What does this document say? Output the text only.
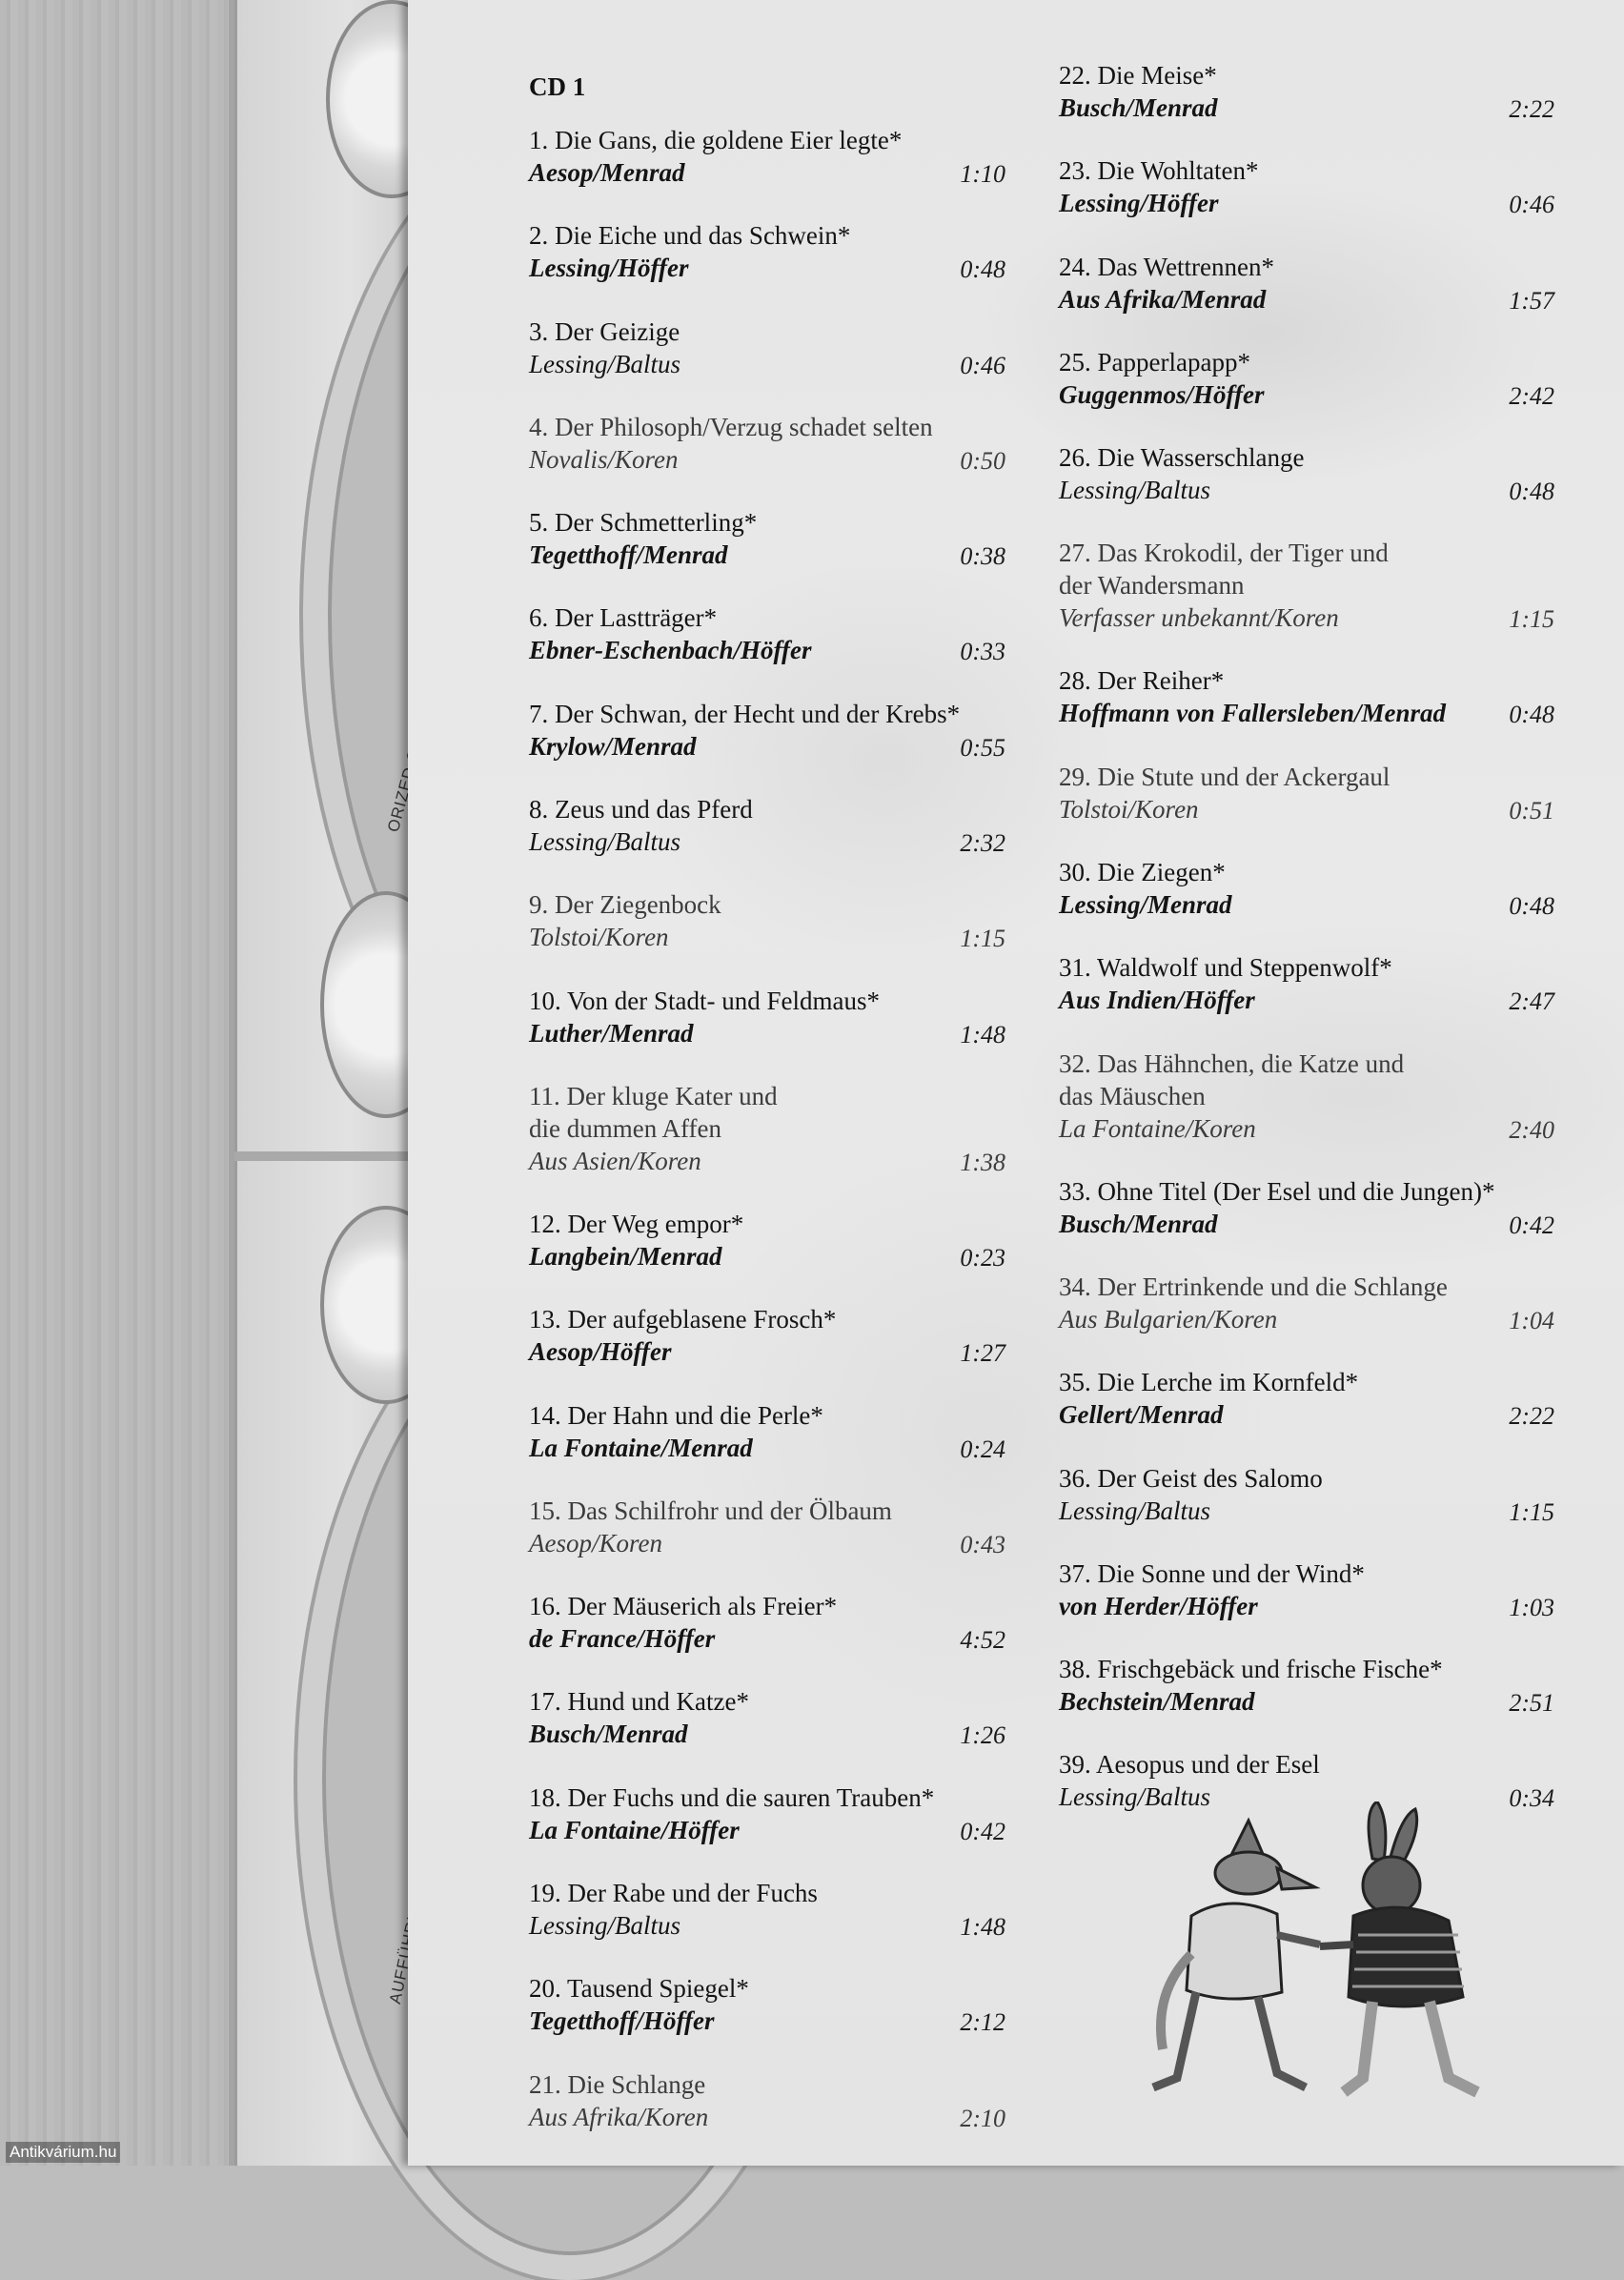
ORIZED
CD 1
1. Die Gans, die goldene Eier legte*
Aesop/Menrad	1:10
2. Die Eiche und das Schwein*
Lessing/Höffer	0:48
3. Der Geizige
Lessing/Baltus	0:46
4. Der Philosoph/Verzug schadet selten
Novalis/Koren	0:50
5. Der Schmetterling*
Tegetthoff/Menrad	0:38
6. Der Lastträger*
Ebner-Eschenbach/Höffer	0:33
7. Der Schwan, der Hecht und der Krebs*
Krylow/Menrad	0:55
8. Zeus und das Pferd
Lessing/Baltus	2:32
9. Der Ziegenbock
Tolstoi/Koren	1:15
10. Von der Stadt- und Feldmaus*
Luther/Menrad	1:48
11. Der kluge Kater und
die dummen Affen
Aus Asien/Koren	1:38
12. Der Weg empor*
Langbein/Menrad	0:23
13. Der aufgeblasene Frosch*
Aesop/Höffer	1:27
14. Der Hahn und die Perle*
La Fontaine/Menrad	0:24
15. Das Schilfrohr und der Ölbaum
Aesop/Koren	0:43
16. Der Mäuserich als Freier*
de France/Höffer	4:52
17. Hund und Katze*
Busch/Menrad	1:26
18. Der Fuchs und die sauren Trauben*
La Fontaine/Höffer	0:42
19. Der Rabe und der Fuchs
Lessing/Baltus	1:48
20. Tausend Spiegel*
Tegetthoff/Höffer	2:12
21. Die Schlange
Aus Afrika/Koren	2:10
22. Die Meise*
Busch/Menrad	2:22
23. Die Wohltaten*
Lessing/Höffer	0:46
24. Das Wettrennen*
Aus Afrika/Menrad	1:57
25. Papperlapapp*
Guggenmos/Höffer	2:42
26. Die Wasserschlange
Lessing/Baltus	0:48
27. Das Krokodil, der Tiger und
der Wandersmann
Verfasser unbekannt/Koren	1:15
28. Der Reiher*
Hoffmann von Fallersleben/Menrad	0:48
29. Die Stute und der Ackergaul
Tolstoi/Koren	0:51
30. Die Ziegen*
Lessing/Menrad	0:48
31. Waldwolf und Steppenwolf*
Aus Indien/Höffer	2:47
32. Das Hähnchen, die Katze und
das Mäuschen
La Fontaine/Koren	2:40
33. Ohne Titel (Der Esel und die Jungen)*
Busch/Menrad	0:42
34. Der Ertrinkende und die Schlange
Aus Bulgarien/Koren	1:04
35. Die Lerche im Kornfeld*
Gellert/Menrad	2:22
36. Der Geist des Salomo
Lessing/Baltus	1:15
37. Die Sonne und der Wind*
von Herder/Höffer	1:03
38. Frischgebäck und frische Fische*
Bechstein/Menrad	2:51
39. Aesopus und der Esel
Lessing/Baltus	0:34
Antikvárium.hu
